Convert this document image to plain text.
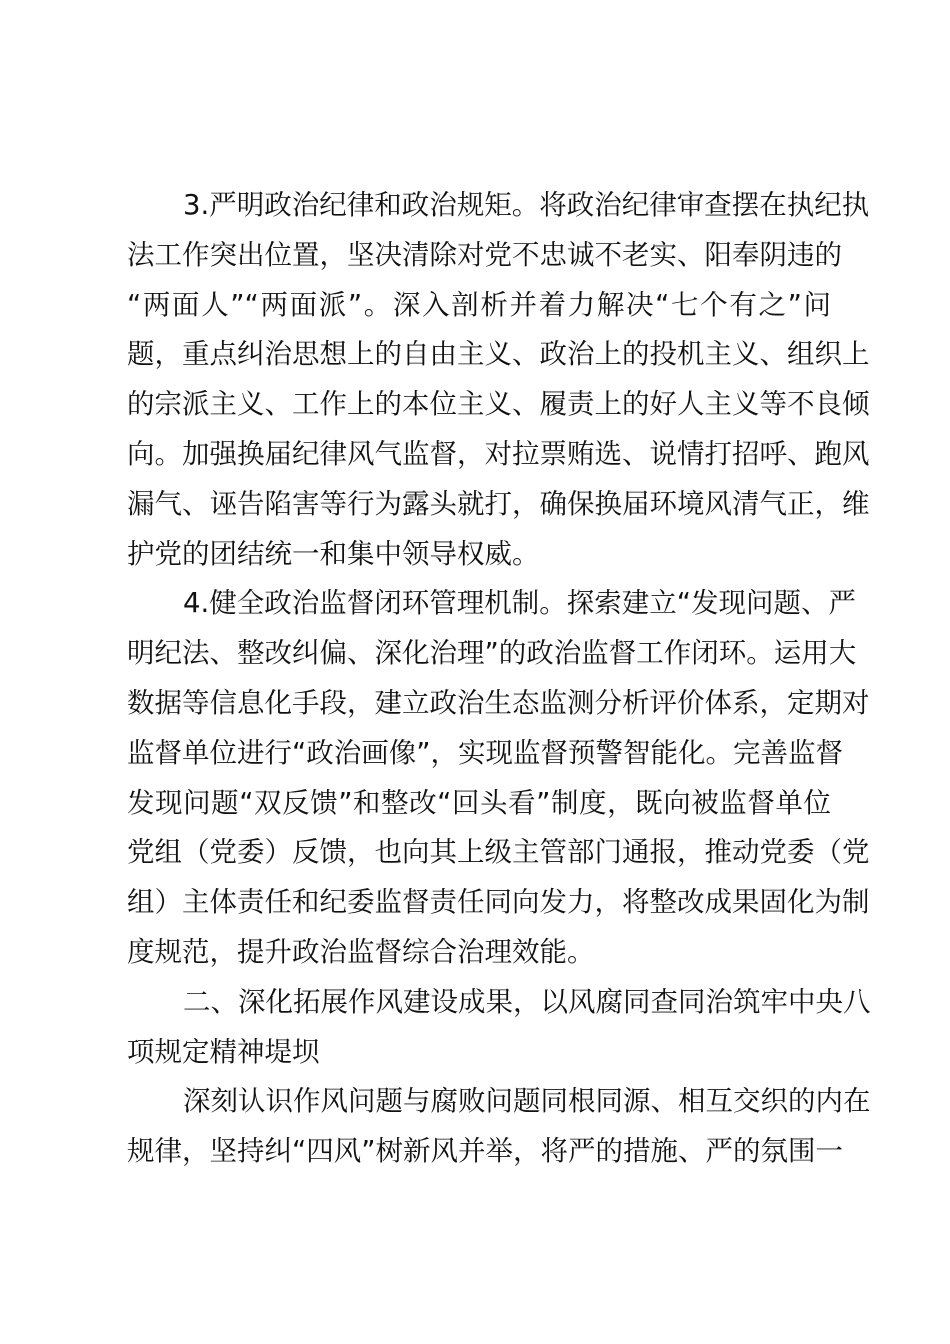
3.严明政治纪律和政治规矩。将政治纪律审查摆在执纪执
法工作突出位置，坚决清除对党不忠诚不老实、阳奉阴违的
“两面人”“两面派”。深入剖析并着力解决“七个有之”问
题，重点纠治思想上的自由主义、政治上的投机主义、组织上
的宗派主义、工作上的本位主义、履责上的好人主义等不良倾
向。加强换届纪律风气监督，对拉票贿选、说情打招呼、跑风
漏气、诬告陷害等行为露头就打，确保换届环境风清气正，维
护党的团结统一和集中领导权威。
4.健全政治监督闭环管理机制。探索建立“发现问题、严
明纪法、整改纠偏、深化治理”的政治监督工作闭环。运用大
数据等信息化手段，建立政治生态监测分析评价体系，定期对
监督单位进行“政治画像”，实现监督预警智能化。完善监督
发现问题“双反馈”和整改“回头看”制度，既向被监督单位
党组（党委）反馈，也向其上级主管部门通报，推动党委（党
组）主体责任和纪委监督责任同向发力，将整改成果固化为制
度规范，提升政治监督综合治理效能。
二、深化拓展作风建设成果，以风腐同查同治筑牢中央八
项规定精神堤坝
深刻认识作风问题与腐败问题同根同源、相互交织的内在
规律，坚持纠“四风”树新风并举，将严的措施、严的氛围一
